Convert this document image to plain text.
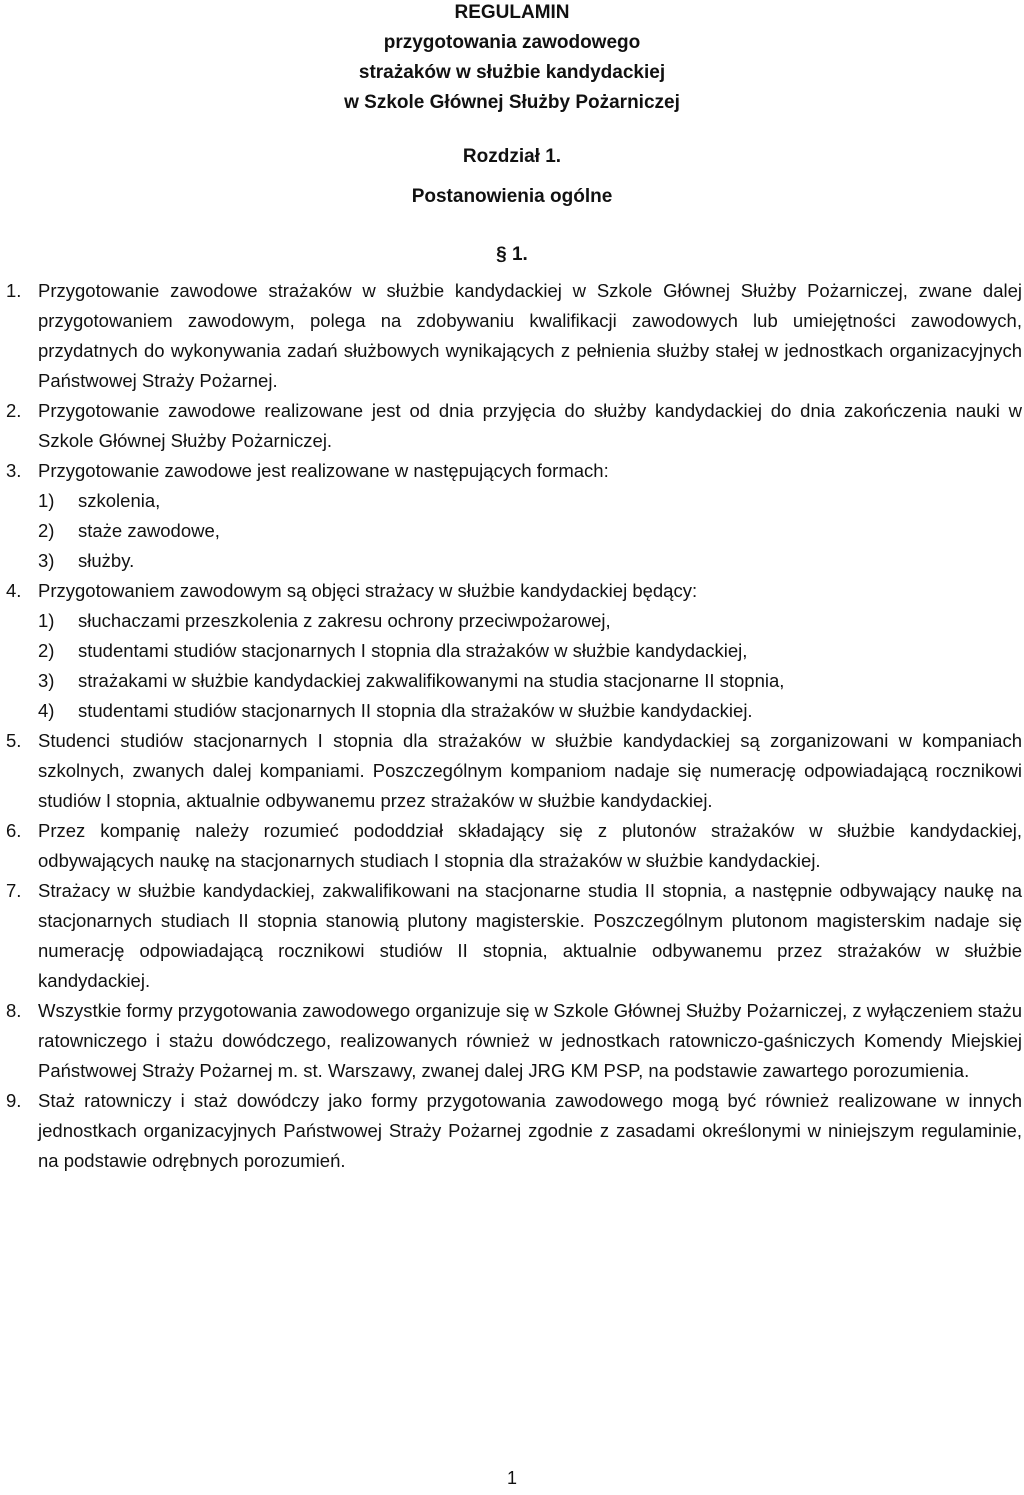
REGULAMIN
przygotowania zawodowego
strażaków w służbie kandydackiej
w Szkole Głównej Służby Pożarniczej
Rozdział 1.
Postanowienia ogólne
§ 1.
1. Przygotowanie zawodowe strażaków w służbie kandydackiej w Szkole Głównej Służby Pożarniczej, zwane dalej przygotowaniem zawodowym, polega na zdobywaniu kwalifikacji zawodowych lub umiejętności zawodowych, przydatnych do wykonywania zadań służbowych wynikających z pełnienia służby stałej w jednostkach organizacyjnych Państwowej Straży Pożarnej.
2. Przygotowanie zawodowe realizowane jest od dnia przyjęcia do służby kandydackiej do dnia zakończenia nauki w Szkole Głównej Służby Pożarniczej.
3. Przygotowanie zawodowe jest realizowane w następujących formach:
1) szkolenia,
2) staże zawodowe,
3) służby.
4. Przygotowaniem zawodowym są objęci strażacy w służbie kandydackiej będący:
1) słuchaczami przeszkolenia z zakresu ochrony przeciwpożarowej,
2) studentami studiów stacjonarnych I stopnia dla strażaków w służbie kandydackiej,
3) strażakami w służbie kandydackiej zakwalifikowanymi na studia stacjonarne II stopnia,
4) studentami studiów stacjonarnych II stopnia dla strażaków w służbie kandydackiej.
5. Studenci studiów stacjonarnych I stopnia dla strażaków w służbie kandydackiej są zorganizowani w kompaniach szkolnych, zwanych dalej kompaniami. Poszczególnym kompaniom nadaje się numerację odpowiadającą rocznikowi studiów I stopnia, aktualnie odbywanemu przez strażaków w służbie kandydackiej.
6. Przez kompanię należy rozumieć pododdział składający się z plutonów strażaków w służbie kandydackiej, odbywających naukę na stacjonarnych studiach I stopnia dla strażaków w służbie kandydackiej.
7. Strażacy w służbie kandydackiej, zakwalifikowani na stacjonarne studia II stopnia, a następnie odbywający naukę na stacjonarnych studiach II stopnia stanowią plutony magisterskie. Poszczególnym plutonom magisterskim nadaje się numerację odpowiadającą rocznikowi studiów II stopnia, aktualnie odbywanemu przez strażaków w służbie kandydackiej.
8. Wszystkie formy przygotowania zawodowego organizuje się w Szkole Głównej Służby Pożarniczej, z wyłączeniem stażu ratowniczego i stażu dowódczego, realizowanych również w jednostkach ratowniczo-gaśniczych Komendy Miejskiej Państwowej Straży Pożarnej m. st. Warszawy, zwanej dalej JRG KM PSP, na podstawie zawartego porozumienia.
9. Staż ratowniczy i staż dowódczy jako formy przygotowania zawodowego mogą być również realizowane w innych jednostkach organizacyjnych Państwowej Straży Pożarnej zgodnie z zasadami określonymi w niniejszym regulaminie, na podstawie odrębnych porozumień.
1
